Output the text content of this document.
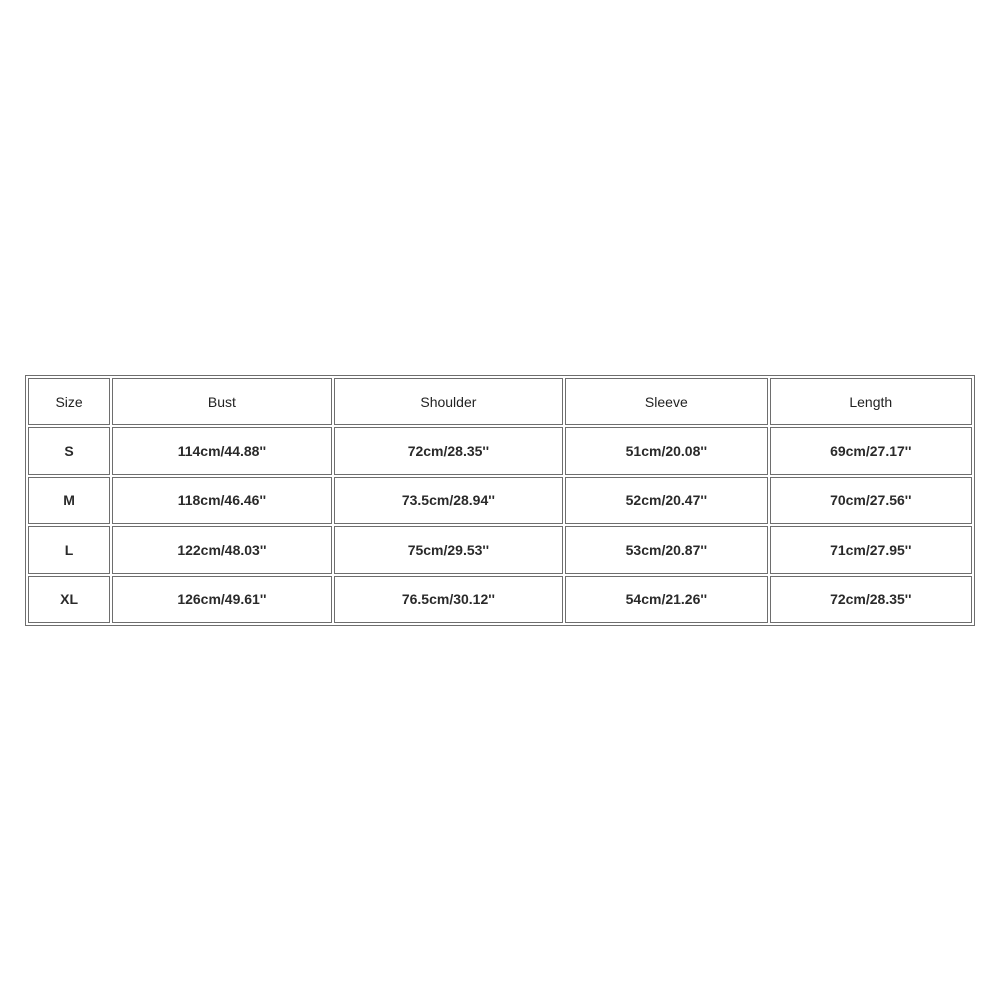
Size	Bust	Shoulder	Sleeve	Length
S	114cm/44.88''	72cm/28.35''	51cm/20.08''	69cm/27.17''
M	118cm/46.46''	73.5cm/28.94''	52cm/20.47''	70cm/27.56''
L	122cm/48.03''	75cm/29.53''	53cm/20.87''	71cm/27.95''
XL	126cm/49.61''	76.5cm/30.12''	54cm/21.26''	72cm/28.35''
